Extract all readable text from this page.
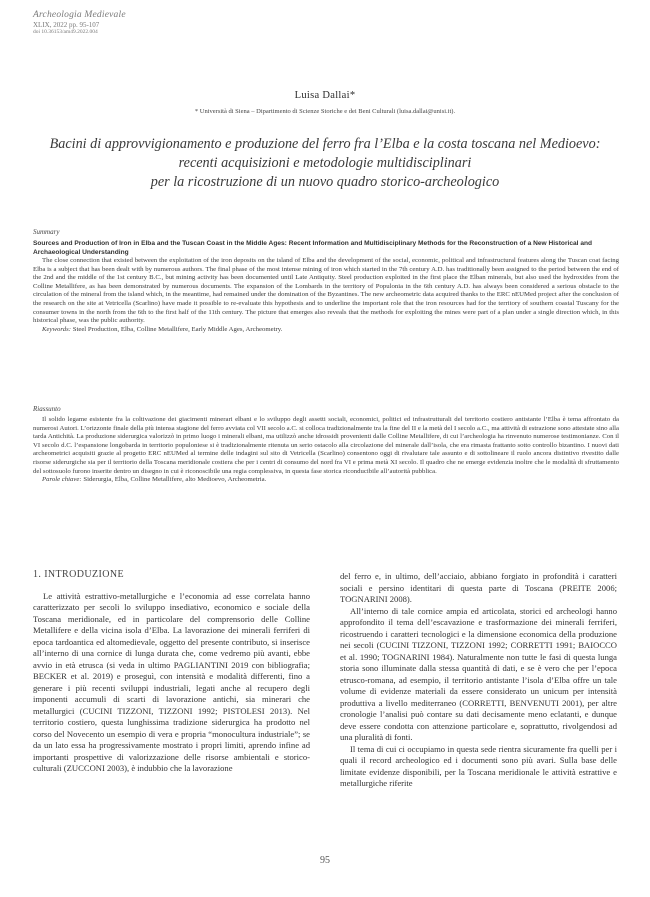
Archeologia Medievale
XLIX, 2022 pp. 95-107
doi 10.36153/am49.2022.004
Luisa Dallai*
* Università di Siena – Dipartimento di Scienze Storiche e dei Beni Culturali (luisa.dallai@unisi.it).
Bacini di approvvigionamento e produzione del ferro fra l’Elba e la costa toscana nel Medioevo:
recenti acquisizioni e metodologie multidisciplinari
per la ricostruzione di un nuovo quadro storico-archeologico
Summary
Sources and Production of Iron in Elba and the Tuscan Coast in the Middle Ages: Recent Information and Multidisciplinary Methods for the Reconstruction of a New Historical and Archaeological Understanding

The close connection that existed between the exploitation of the iron deposits on the island of Elba and the development of the social, economic, political and infrastructural features along the Tuscan coat facing Elba is a subject that has been dealt with by numerous authors. The final phase of the most intense mining of iron which started in the 7th century A.D. has traditionally been assigned to the period between the end of the 2nd and the middle of the 1st century B.C., but mining activity has been documented until Late Antiquity. Steel production exploited in the first place the Elban minerals, but also used the hydroxides from the Colline Metallifere, as has been demonstrated by numerous documents. The expansion of the Lombards in the territory of Populonia in the 6th century A.D. has always been considered a serious obstacle to the circulation of the mineral from the island which, in the meantime, had remained under the domination of the Byzantines. The new archeometric data acquired thanks to the ERC nEUMed project after the conclusion of the research on the site at Vetricella (Scarlino) have made it possible to re-evaluate this hypothesis and to underline the important role that the iron resources had for the territory of southern coastal Tuscany for the consumer towns in the north from the 6th to the first half of the 11th century. The picture that emerges also reveals that the methods for exploiting the mines were part of a plan under a single direction which, in this historical phase, was the public authority.

Keywords: Steel Production, Elba, Colline Metallifere, Early Middle Ages, Archeometry.
Riassunto

Il solido legame esistente fra la coltivazione dei giacimenti minerari elbani e lo sviluppo degli assetti sociali, economici, politici ed infrastrutturali del territorio costiero antistante l’Elba è tema affrontato da numerosi Autori. L’orizzonte finale della più intensa stagione del ferro avviata col VII secolo a.C. si colloca tradizionalmente tra la fine del II e la metà del I secolo a.C., ma attività di estrazione sono attestate sino alla tarda Antichità. La produzione siderurgica valorizzò in primo luogo i minerali elbani, ma utilizzò anche idrossidi provenienti dalle Colline Metallifere, di cui l’archeologia ha rinvenuto numerose testimonianze. Con il VI secolo d.C. l’espansione longobarda in territorio populoniese si è tradizionalmente ritenuta un serio ostacolo alla circolazione del minerale dall’isola, che era rimasta frattanto sotto controllo bizantino. I nuovi dati archeometrici acquisiti grazie al progetto ERC nEUMed al termine delle indagini sul sito di Vetricella (Scarlino) consentono oggi di rivalutare tale assunto e di sottolineare il ruolo ancora distintivo rivestito dalle risorse siderurgiche sia per il territorio della Toscana meridionale costiera che per i centri di consumo del nord fra VI e prima metà XI secolo. Il quadro che ne emerge evidenzia inoltre che le modalità di sfruttamento del sottosuolo furono inserite dentro un disegno in cui è riconoscibile una regia complessiva, in questa fase storica riconducibile all’autorità pubblica.

Parole chiave: Siderurgia, Elba, Colline Metallifere, alto Medioevo, Archeometria.
1. INTRODUZIONE

Le attività estrattivo-metallurgiche e l’economia ad esse correlata hanno caratterizzato per secoli lo sviluppo insediativo, economico e sociale della Toscana meridionale, ed in particolare del comprensorio delle Colline Metallifere e della vicina isola d’Elba. La lavorazione dei minerali ferriferi di epoca tardoantica ed altomedievale, oggetto del presente contributo, si inserisce all’interno di una cornice di lunga durata che, come vedremo più avanti, ebbe avvio in età etrusca (si veda in ultimo PAGLIANTINI 2019 con bibliografia; BECKER et al. 2019) e proseguì, con intensità e modalità differenti, fino a generare i più recenti sviluppi industriali, legati anche al recupero degli imponenti accumuli di scarti di lavorazione antichi, sia minerari che metallurgici (CUCINI TIZZONI, TIZZONI 1992; PISTOLESI 2013). Nel territorio costiero, questa lunghissima tradizione siderurgica ha prodotto nel corso del Novecento un esempio di vera e propria “monocultura industriale”; se da un lato essa ha progressivamente mostrato i propri limiti, aprendo infine ad importanti prospettive di valorizzazione delle risorse ambientali e storico-culturali (ZUCCONI 2003), è indubbio che la lavorazione

del ferro e, in ultimo, dell’acciaio, abbiano forgiato in profondità i caratteri sociali e persino identitari di questa parte di Toscana (PREITE 2006; TOGNARINI 2008).

All’interno di tale cornice ampia ed articolata, storici ed archeologi hanno approfondito il tema dell’escavazione e trasformazione dei minerali ferriferi, ricostruendo i caratteri tecnologici e la dimensione economica della produzione nei secoli (CUCINI TIZZONI, TIZZONI 1992; CORRETTI 1991; BAIOCCO et al. 1990; TOGNARINI 1984). Naturalmente non tutte le fasi di questa lunga storia sono illuminate dalla stessa quantità di dati, e se è vero che per l’epoca etrusco-romana, ad esempio, il territorio antistante l’isola d’Elba offre un tale volume di evidenze materiali da essere considerato un unicum per intensità produttiva a livello mediterraneo (CORRETTI, BENVENUTI 2001), per altre cronologie l’analisi può contare su dati decisamente meno eclatanti, e dunque deve essere condotta con attenzione particolare e, soprattutto, rivolgendosi ad una pluralità di fonti.

Il tema di cui ci occupiamo in questa sede rientra sicuramente fra quelli per i quali il record archeologico ed i documenti sono più avari. Sulla base delle limitate evidenze disponibili, per la Toscana meridionale le attività estrattive e metallurgiche riferite

95
